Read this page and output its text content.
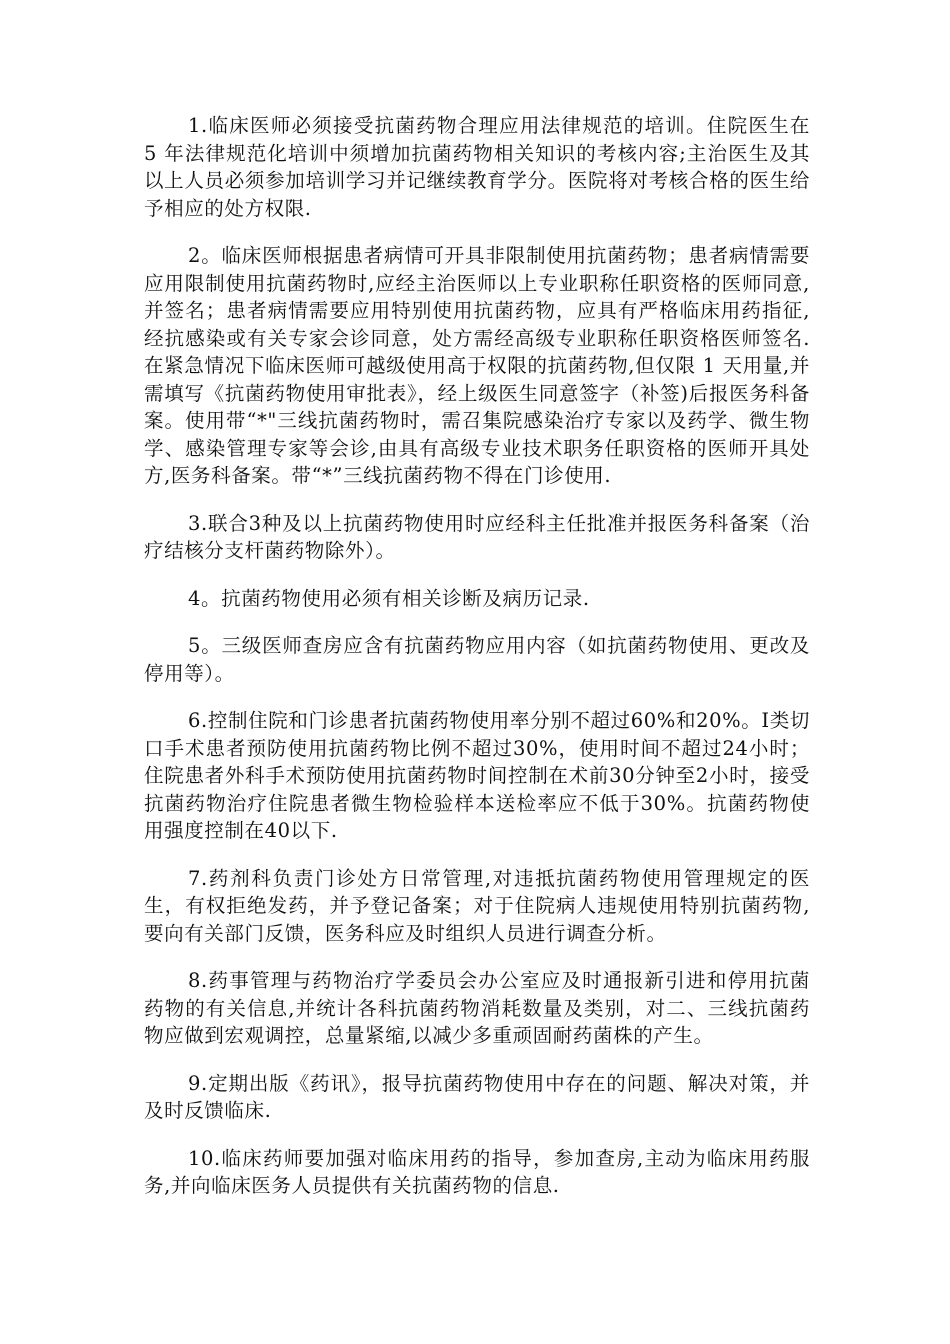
1.临床医师必须接受抗菌药物合理应用法律规范的培训。住院医生在 5 年法律规范化培训中须增加抗菌药物相关知识的考核内容;主治医生及其以上人员必须参加培训学习并记继续教育学分。医院将对考核合格的医生给予相应的处方权限.

2。临床医师根据患者病情可开具非限制使用抗菌药物；患者病情需要应用限制使用抗菌药物时,应经主治医师以上专业职称任职资格的医师同意,并签名；患者病情需要应用特别使用抗菌药物，应具有严格临床用药指征,经抗感染或有关专家会诊同意，处方需经高级专业职称任职资格医师签名.在紧急情况下临床医师可越级使用高于权限的抗菌药物,但仅限 1 天用量,并需填写《抗菌药物使用审批表》，经上级医生同意签字（补签)后报医务科备案。使用带“*"三线抗菌药物时，需召集院感染治疗专家以及药学、微生物学、感染管理专家等会诊,由具有高级专业技术职务任职资格的医师开具处方,医务科备案。带“*”三线抗菌药物不得在门诊使用.

3.联合3种及以上抗菌药物使用时应经科主任批准并报医务科备案（治疗结核分支杆菌药物除外）。

4。抗菌药物使用必须有相关诊断及病历记录.

5。三级医师查房应含有抗菌药物应用内容（如抗菌药物使用、更改及停用等）。

6.控制住院和门诊患者抗菌药物使用率分别不超过60%和20%。I类切口手术患者预防使用抗菌药物比例不超过30%，使用时间不超过24小时；住院患者外科手术预防使用抗菌药物时间控制在术前30分钟至2小时，接受抗菌药物治疗住院患者微生物检验样本送检率应不低于30%。抗菌药物使用强度控制在40以下.

7.药剂科负责门诊处方日常管理,对违抵抗菌药物使用管理规定的医生，有权拒绝发药，并予登记备案；对于住院病人违规使用特别抗菌药物,要向有关部门反馈，医务科应及时组织人员进行调查分析。

8.药事管理与药物治疗学委员会办公室应及时通报新引进和停用抗菌药物的有关信息,并统计各科抗菌药物消耗数量及类别，对二、三线抗菌药物应做到宏观调控，总量紧缩,以减少多重顽固耐药菌株的产生。

9.定期出版《药讯》，报导抗菌药物使用中存在的问题、解决对策，并及时反馈临床.

10.临床药师要加强对临床用药的指导，参加查房,主动为临床用药服务,并向临床医务人员提供有关抗菌药物的信息.
